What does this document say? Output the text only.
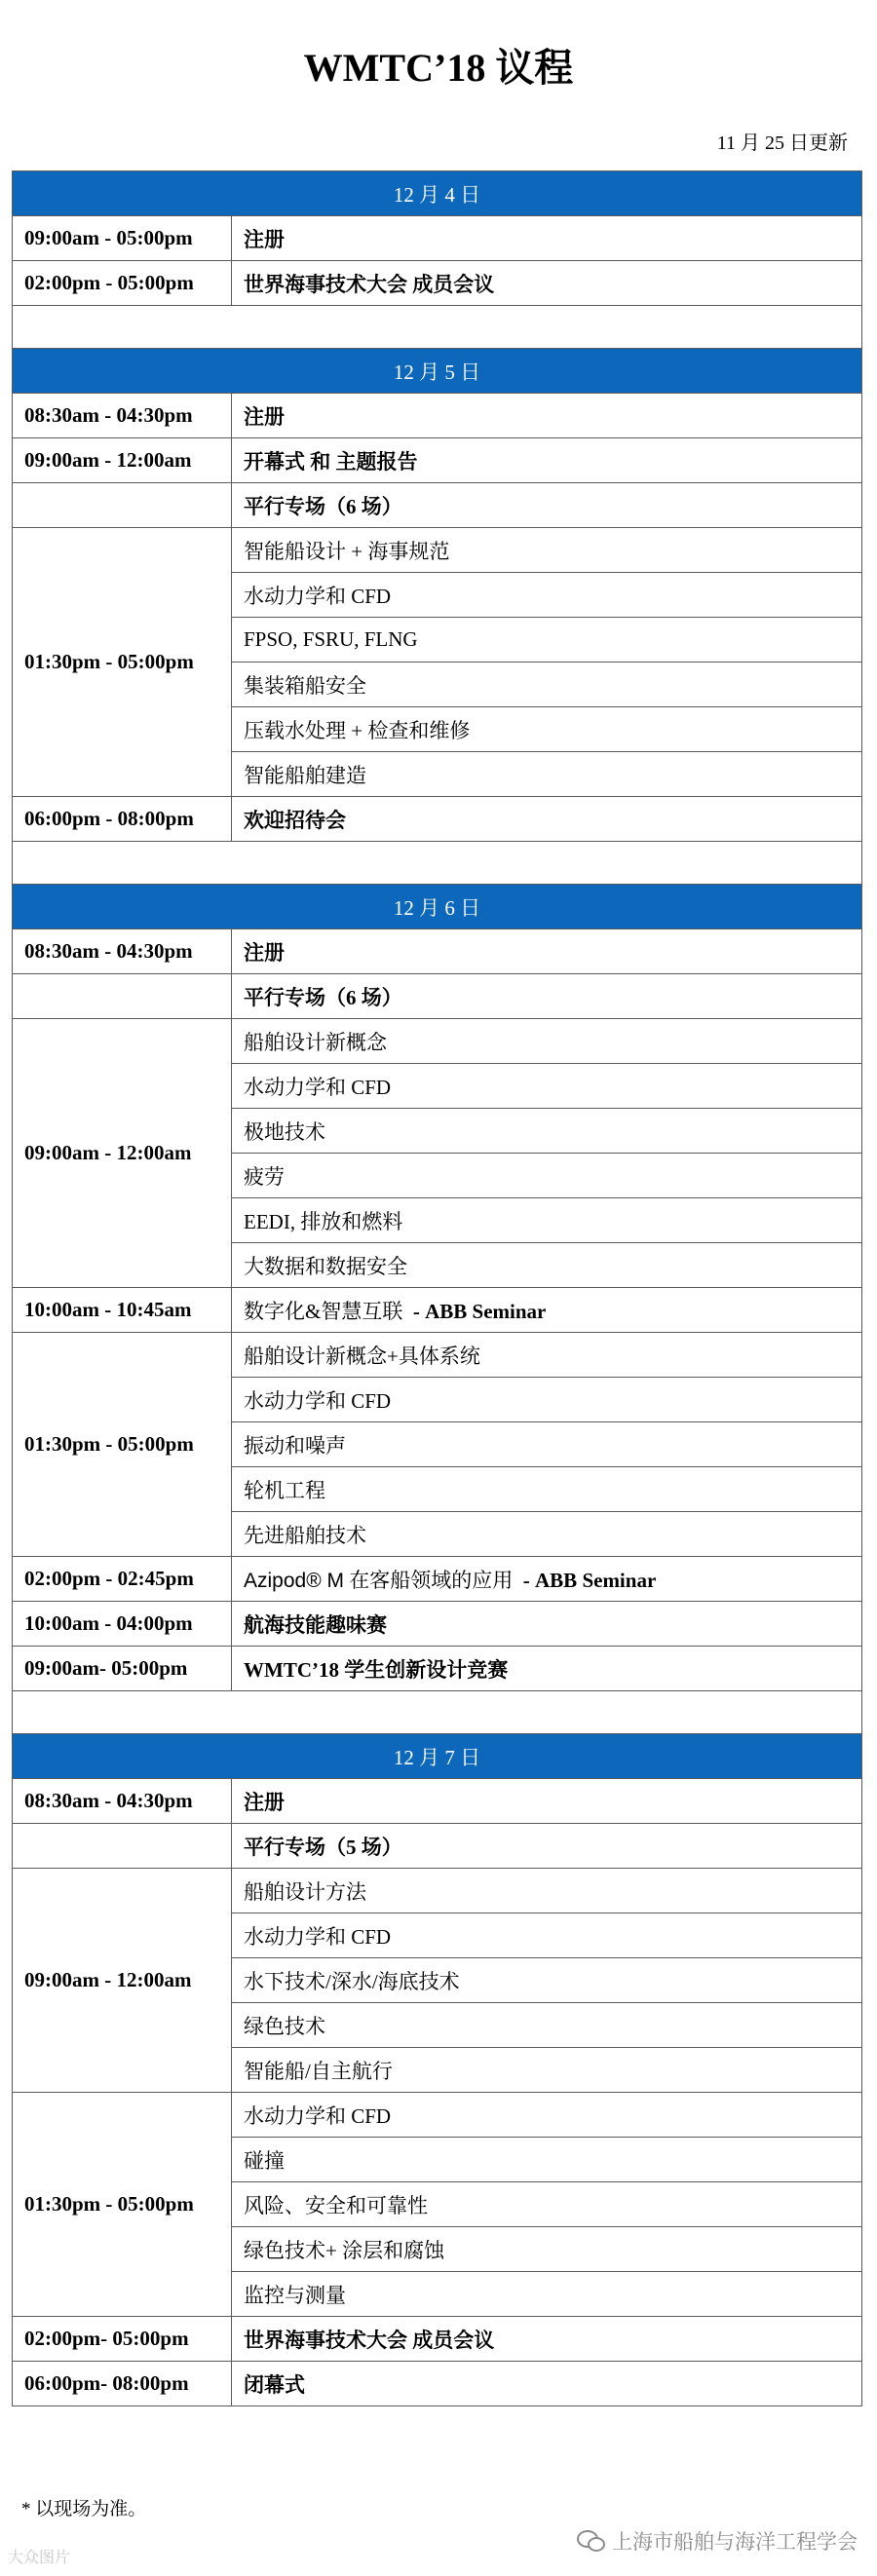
WMTC’18 议程
11 月 25 日更新
12 月 4 日	
09:00am - 05:00pm	注册
02:00pm - 05:00pm	世界海事技术大会 成员会议

12 月 5 日	
08:30am - 04:30pm	注册
09:00am - 12:00am	开幕式 和 主题报告
	平行专场（6 场）
01:30pm - 05:00pm	智能船设计 + 海事规范
	水动力学和 CFD
	FPSO, FSRU, FLNG
	集装箱船安全
	压载水处理 + 检查和维修
	智能船舶建造
06:00pm - 08:00pm	欢迎招待会

12 月 6 日	
08:30am - 04:30pm	注册
	平行专场（6 场）
09:00am - 12:00am	船舶设计新概念
	水动力学和 CFD
	极地技术
	疲劳
	EEDI, 排放和燃料
	大数据和数据安全
10:00am - 10:45am	数字化&智慧互联  - ABB Seminar
01:30pm - 05:00pm	船舶设计新概念+具体系统
	水动力学和 CFD
	振动和噪声
	轮机工程
	先进船舶技术
02:00pm - 02:45pm	Azipod® M 在客船领域的应用  - ABB Seminar
10:00am - 04:00pm	航海技能趣味赛
09:00am- 05:00pm	WMTC’18 学生创新设计竞赛

12 月 7 日	
08:30am - 04:30pm	注册
	平行专场（5 场）
09:00am - 12:00am	船舶设计方法
	水动力学和 CFD
	水下技术/深水/海底技术
	绿色技术
	智能船/自主航行
01:30pm - 05:00pm	水动力学和 CFD
	碰撞
	风险、安全和可靠性
	绿色技术+ 涂层和腐蚀
	监控与测量
02:00pm- 05:00pm	世界海事技术大会 成员会议
06:00pm- 08:00pm	闭幕式
* 以现场为准。
大众图片
上海市船舶与海洋工程学会
